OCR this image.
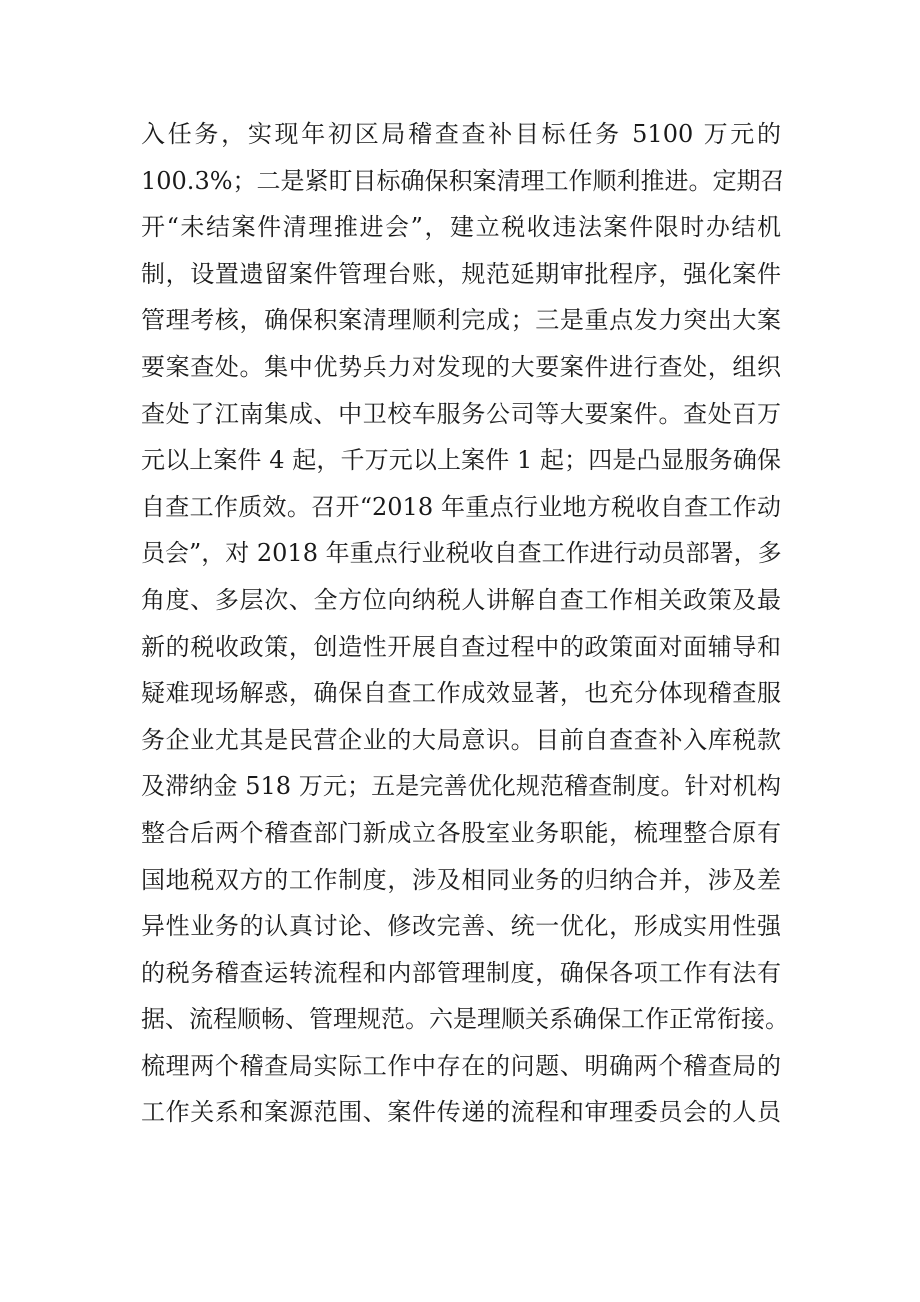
入任务，实现年初区局稽查查补目标任务 5100 万元的
100.3%；二是紧盯目标确保积案清理工作顺利推进。定期召
开“未结案件清理推进会”，建立税收违法案件限时办结机
制，设置遗留案件管理台账，规范延期审批程序，强化案件
管理考核，确保积案清理顺利完成；三是重点发力突出大案
要案查处。集中优势兵力对发现的大要案件进行查处，组织
查处了江南集成、中卫校车服务公司等大要案件。查处百万
元以上案件 4 起，千万元以上案件 1 起；四是凸显服务确保
自查工作质效。召开“2018 年重点行业地方税收自查工作动
员会”，对 2018 年重点行业税收自查工作进行动员部署，多
角度、多层次、全方位向纳税人讲解自查工作相关政策及最
新的税收政策，创造性开展自查过程中的政策面对面辅导和
疑难现场解惑，确保自查工作成效显著，也充分体现稽查服
务企业尤其是民营企业的大局意识。目前自查查补入库税款
及滞纳金 518 万元；五是完善优化规范稽查制度。针对机构
整合后两个稽查部门新成立各股室业务职能，梳理整合原有
国地税双方的工作制度，涉及相同业务的归纳合并，涉及差
异性业务的认真讨论、修改完善、统一优化，形成实用性强
的税务稽查运转流程和内部管理制度，确保各项工作有法有
据、流程顺畅、管理规范。六是理顺关系确保工作正常衔接。
梳理两个稽查局实际工作中存在的问题、明确两个稽查局的
工作关系和案源范围、案件传递的流程和审理委员会的人员
